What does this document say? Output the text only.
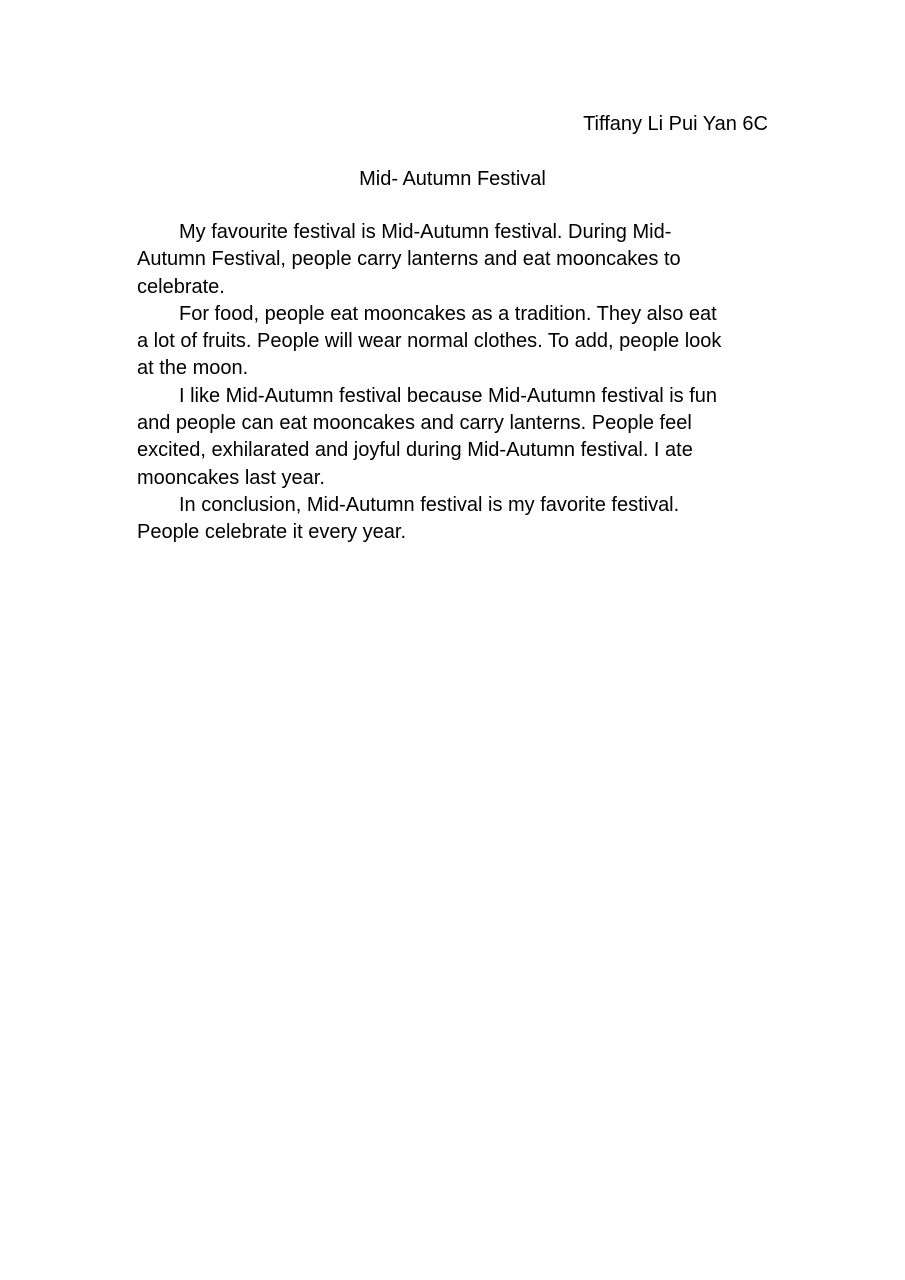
Tiffany Li Pui Yan 6C
Mid- Autumn Festival
My favourite festival is Mid-Autumn festival. During Mid-
Autumn Festival, people carry lanterns and eat mooncakes to
celebrate.
For food, people eat mooncakes as a tradition. They also eat
a lot of fruits. People will wear normal clothes. To add, people look
at the moon.
I like Mid-Autumn festival because Mid-Autumn festival is fun
and people can eat mooncakes and carry lanterns. People feel
excited, exhilarated and joyful during Mid-Autumn festival. I ate
mooncakes last year.
In conclusion, Mid-Autumn festival is my favorite festival.
People celebrate it every year.
